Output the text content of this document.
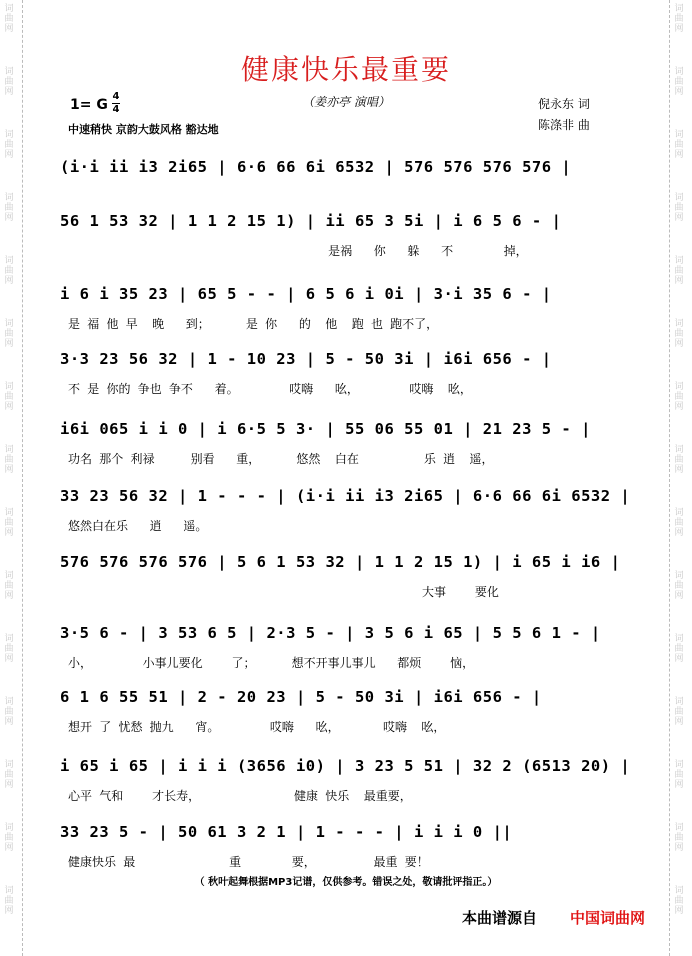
词
曲
网
词
曲
网
词
曲
网
词
曲
网
词
曲
网
词
曲
网
词
曲
网
词
曲
网
词
曲
网
词
曲
网
词
曲
网
词
曲
网
词
曲
网
词
曲
网
词
曲
网
词
曲
网
词
曲
网
词
曲
网
词
曲
网
词
曲
网
词
曲
网
词
曲
网
词
曲
网
词
曲
网
词
曲
网
词
曲
网
词
曲
网
词
曲
网
词
曲
网
词
曲
网
健康快乐最重要
（姜亦亭 演唱）
1= G
4
4
中速稍快 京韵大鼓风格 豁达地
倪永东 词
陈涤非 曲
(i·i ii i3 2i65 | 6·6 66 6i 6532 | 576 576 576 576 |
56 1 53 32 | 1 1 2 15 1) | ii 65 3 5i | i 6 5 6 - |
是祸   你   躲   不       掉，
i 6 i 35 23 | 65 5 - - | 6 5 6 i 0i | 3·i 35 6 - |
是 福 他 早  晚   到；     是 你   的  他  跑 也 跑不了，
3·3 23 56 32 | 1 - 10 23 | 5 - 50 3i | i6i 656 - |
不 是 你的 争也 争不   着。       哎嗨   吆，       哎嗨  吆，
i6i 065 i i 0 | i 6·5 5 3· | 55 06 55 01 | 21 23 5 - |
功名 那个 利禄     别看   重，     悠然  白在         乐 逍  遥，
33 23 56 32 | 1 - - - | (i·i ii i3 2i65 | 6·6 66 6i 6532 |
悠然白在乐   逍   遥。
576 576 576 576 | 5 6 1 53 32 | 1 1 2 15 1) | i 65 i i6 |
大事    要化
3·5 6 - | 3 53 6 5 | 2·3 5 - | 3 5 6 i 65 | 5 5 6 1 - |
小，       小事儿要化    了；     想不开事儿事儿   都烦    恼，
6 1 6 55 51 | 2 - 20 23 | 5 - 50 3i | i6i 656 - |
想开 了 忧愁 抛九   宵。       哎嗨   吆，      哎嗨  吆，
i 65 i 65 | i i i (3656 i0) | 3 23 5 51 | 32 2 (6513 20) |
心平 气和    才长寿，             健康 快乐  最重要，
33 23 5 - | 50 61 3 2 1 | 1 - - - | i i i 0 ||
健康快乐 最             重       要，        最重 要！
（ 秋叶起舞根据MP3记谱，仅供参考。错误之处，敬请批评指正。）
本曲谱源自 中国词曲网
